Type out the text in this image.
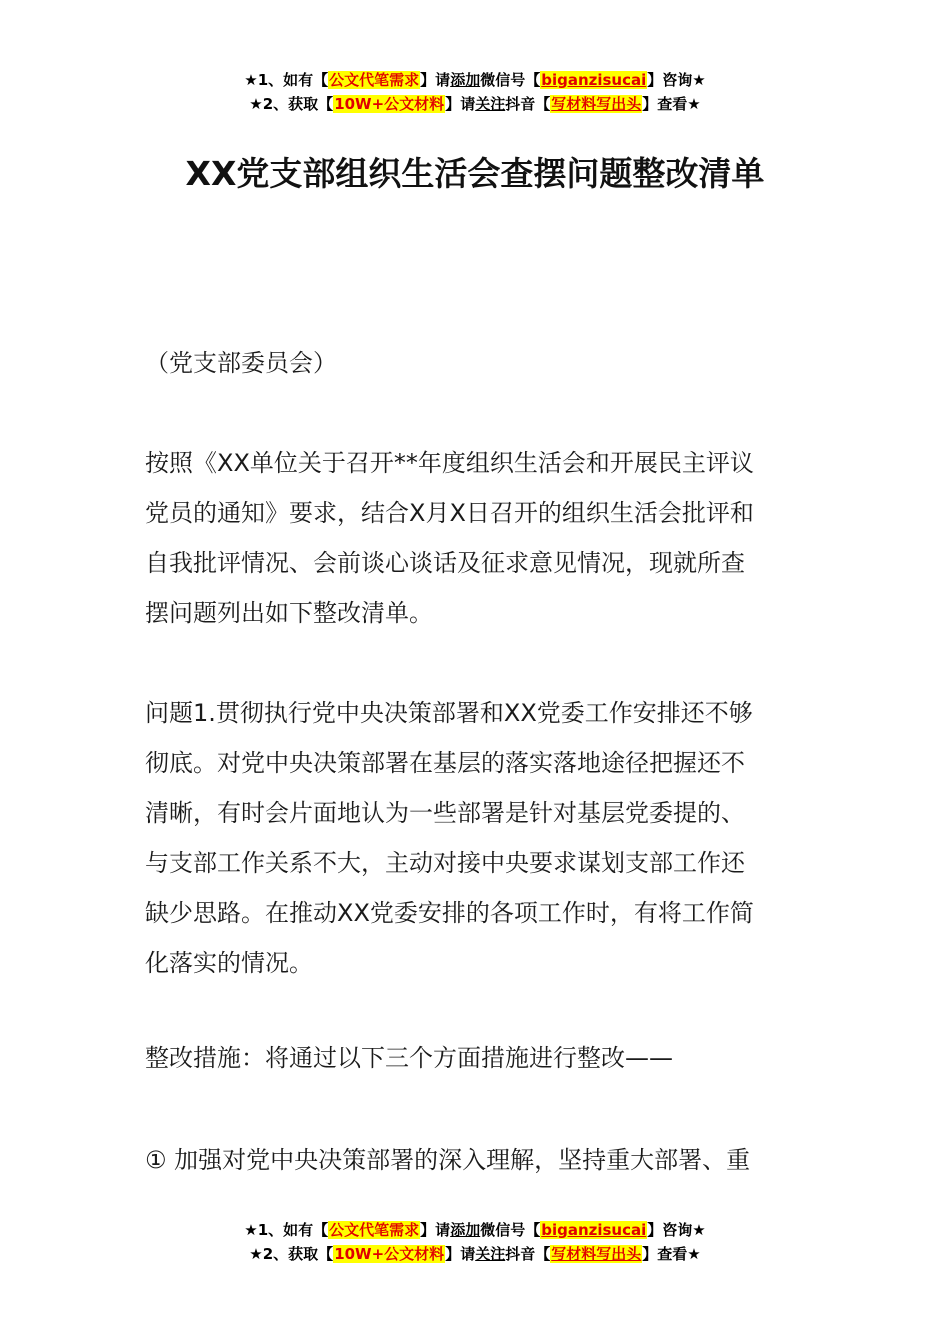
★1、如有【公文代笔需求】请添加微信号【biganzisucai】咨询★
★2、获取【10W+公文材料】请关注抖音【写材料写出头】查看★
XX党支部组织生活会查摆问题整改清单
（党支部委员会）
按照《XX单位关于召开**年度组织生活会和开展民主评议
党员的通知》要求，结合X月X日召开的组织生活会批评和
自我批评情况、会前谈心谈话及征求意见情况，现就所查
摆问题列出如下整改清单。
问题1.贯彻执行党中央决策部署和XX党委工作安排还不够
彻底。对党中央决策部署在基层的落实落地途径把握还不
清晰，有时会片面地认为一些部署是针对基层党委提的、
与支部工作关系不大，主动对接中央要求谋划支部工作还
缺少思路。在推动XX党委安排的各项工作时，有将工作简
化落实的情况。
整改措施：将通过以下三个方面措施进行整改——
① 加强对党中央决策部署的深入理解，坚持重大部署、重
★1、如有【公文代笔需求】请添加微信号【biganzisucai】咨询★
★2、获取【10W+公文材料】请关注抖音【写材料写出头】查看★
